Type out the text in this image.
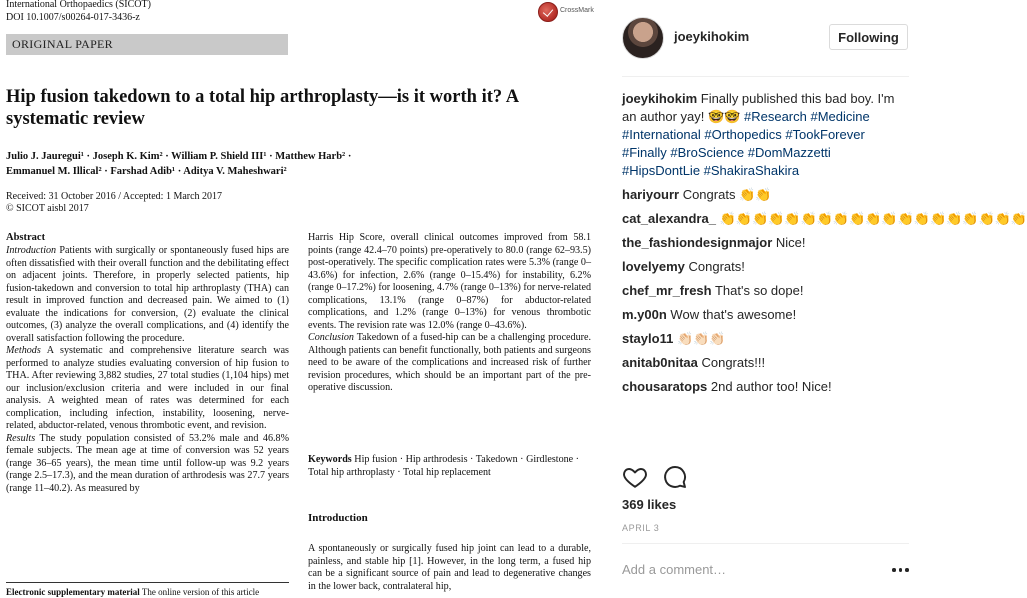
International Orthopaedics (SICOT)
DOI 10.1007/s00264-017-3436-z
CrossMark
ORIGINAL PAPER
Hip fusion takedown to a total hip arthroplasty—is it worth it? A systematic review
Julio J. Jauregui¹ · Joseph K. Kim² · William P. Shield III¹ · Matthew Harb² ·
Emmanuel M. Illical² · Farshad Adib¹ · Aditya V. Maheshwari²
Received: 31 October 2016 / Accepted: 1 March 2017
© SICOT aisbl 2017
Abstract
Introduction Patients with surgically or spontaneously fused hips are often dissatisfied with their overall function and the debilitating effect on adjacent joints. Therefore, in properly selected patients, hip fusion-takedown and conversion to total hip arthroplasty (THA) can result in improved function and decreased pain. We aimed to (1) evaluate the indications for conversion, (2) evaluate the clinical outcomes, (3) analyze the overall complications, and (4) identify the overall satisfaction following the procedure.
Methods A systematic and comprehensive literature search was performed to analyze studies evaluating conversion of hip fusion to THA. After reviewing 3,882 studies, 27 total studies (1,104 hips) met our inclusion/exclusion criteria and were included in our final analysis. A weighted mean of rates was determined for each complication, including infection, instability, loosening, nerve-related, abductor-related, venous thrombotic event, and revision.
Results The study population consisted of 53.2% male and 46.8% female subjects. The mean age at time of conversion was 52 years (range 36–65 years), the mean time until follow-up was 9.2 years (range 2.5–17.3), and the mean duration of arthrodesis was 27.7 years (range 11–40.2). As measured by
Harris Hip Score, overall clinical outcomes improved from 58.1 points (range 42.4–70 points) pre-operatively to 80.0 (range 62–93.5) post-operatively. The specific complication rates were 5.3% (range 0–43.6%) for infection, 2.6% (range 0–15.4%) for instability, 6.2% (range 0–17.2%) for loosening, 4.7% (range 0–13%) for nerve-related complications, 13.1% (range 0–87%) for abductor-related complications, and 1.2% (range 0–13%) for venous thrombotic events. The revision rate was 12.0% (range 0–43.6%).
Conclusion Takedown of a fused-hip can be a challenging procedure. Although patients can benefit functionally, both patients and surgeons need to be aware of the complications and increased risk of further revision procedures, which should be an important part of the pre-operative discussion.
Keywords Hip fusion · Hip arthrodesis · Takedown · Girdlestone · Total hip arthroplasty · Total hip replacement
Introduction
A spontaneously or surgically fused hip joint can lead to a durable, painless, and stable hip [1]. However, in the long term, a fused hip can be a significant source of pain and lead to degenerative changes in the lower back, contralateral hip,
Electronic supplementary material The online version of this article
joeykihokim	Following
joeykihokim Finally published this bad boy. I'm an author yay! 🤓🤓 #Research #Medicine #International #Orthopedics #TookForever #Finally #BroScience #DomMazzetti #HipsDontLie #ShakiraShakira
hariyourr Congrats 👏👏
cat_alexandra_ 👏👏👏👏👏👏👏👏👏👏👏👏👏👏👏👏👏👏👏
the_fashiondesignmajor Nice!
lovelyemy Congrats!
chef_mr_fresh That's so dope!
m.y00n Wow that's awesome!
staylo11 👏🏻👏🏻👏🏻
anitab0nitaa Congrats!!!
chousaratops 2nd author too! Nice!
369 likes
APRIL 3
Add a comment…
